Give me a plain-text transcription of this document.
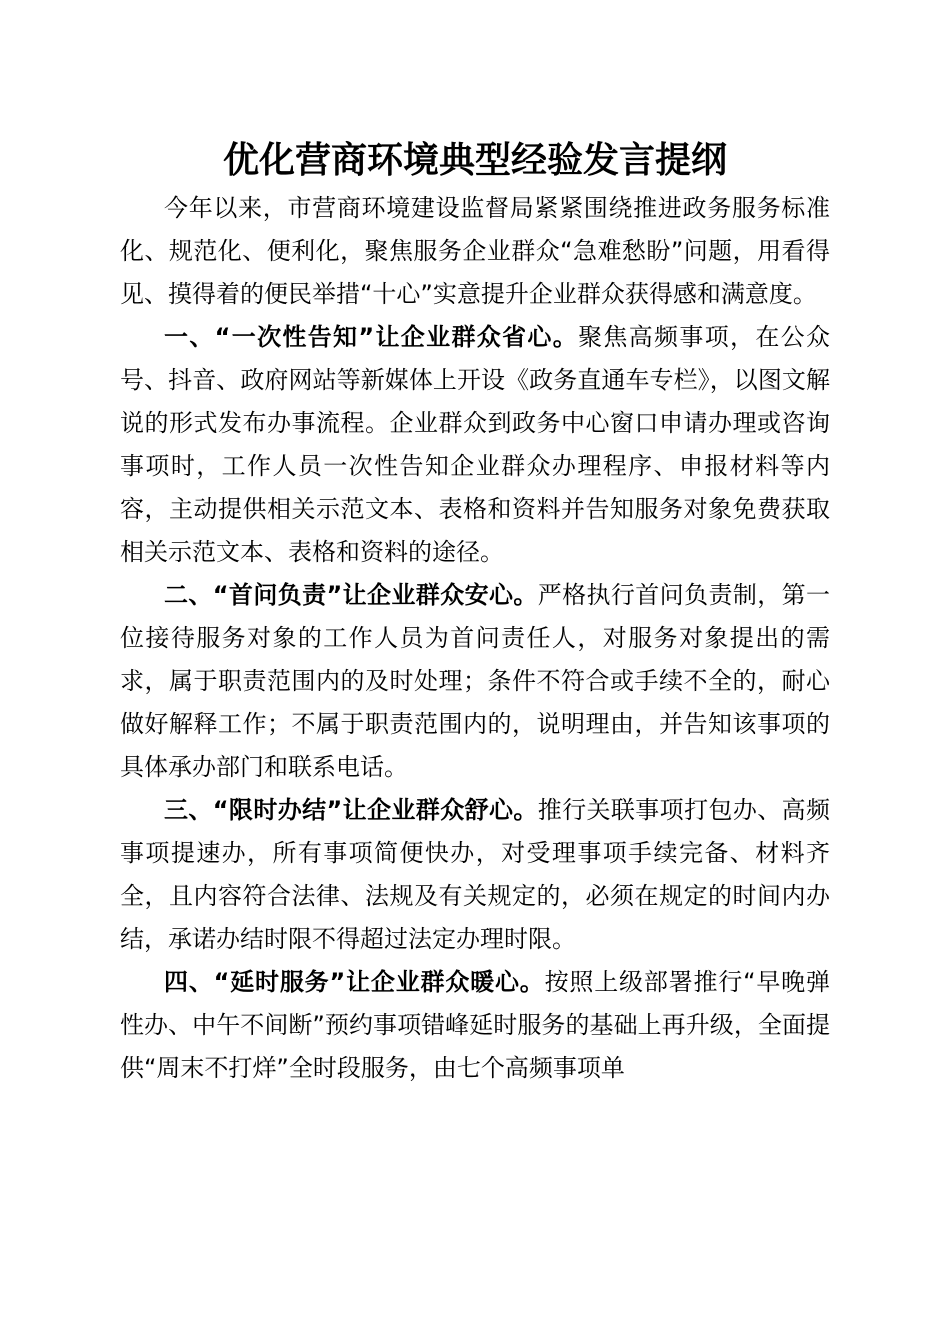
优化营商环境典型经验发言提纲

今年以来，市营商环境建设监督局紧紧围绕推进政务服务标准化、规范化、便利化，聚焦服务企业群众“急难愁盼”问题，用看得见、摸得着的便民举措“十心”实意提升企业群众获得感和满意度。

一、“一次性告知”让企业群众省心。聚焦高频事项，在公众号、抖音、政府网站等新媒体上开设《政务直通车专栏》，以图文解说的形式发布办事流程。企业群众到政务中心窗口申请办理或咨询事项时，工作人员一次性告知企业群众办理程序、申报材料等内容，主动提供相关示范文本、表格和资料并告知服务对象免费获取相关示范文本、表格和资料的途径。

二、“首问负责”让企业群众安心。严格执行首问负责制，第一位接待服务对象的工作人员为首问责任人，对服务对象提出的需求，属于职责范围内的及时处理；条件不符合或手续不全的，耐心做好解释工作；不属于职责范围内的，说明理由，并告知该事项的具体承办部门和联系电话。

三、“限时办结”让企业群众舒心。推行关联事项打包办、高频事项提速办，所有事项简便快办，对受理事项手续完备、材料齐全，且内容符合法律、法规及有关规定的，必须在规定的时间内办结，承诺办结时限不得超过法定办理时限。

四、“延时服务”让企业群众暖心。按照上级部署推行“早晚弹性办、中午不间断”预约事项错峰延时服务的基础上再升级，全面提供“周末不打烊”全时段服务，由七个高频事项单
